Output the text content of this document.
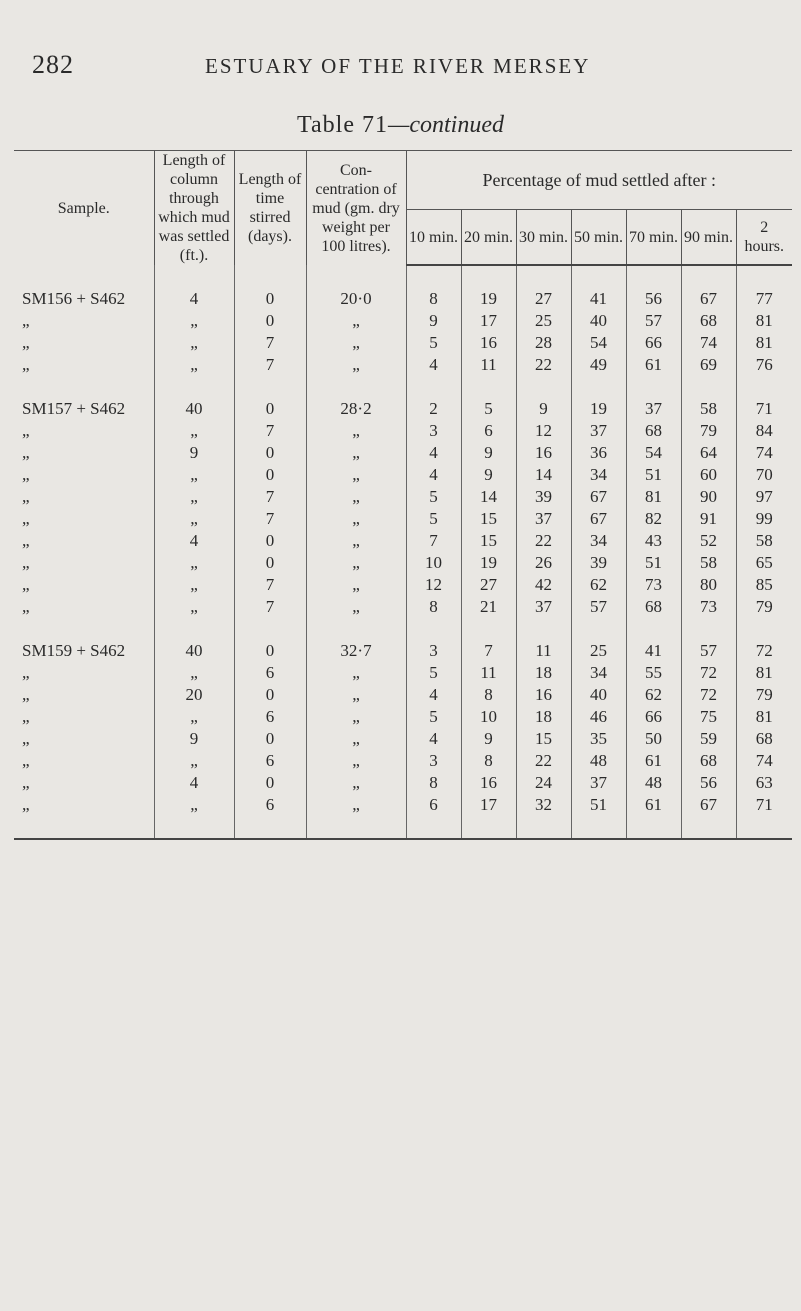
282	ESTUARY OF THE RIVER MERSEY
Table 71—continued
Sample.	Length of column through which mud was settled (ft.).	Length of time stirred (days).	Con-centration of mud (gm. dry weight per 100 litres).	Percentage of mud settled after :						
				10 min.	20 min.	30 min.	50 min.	70 min.	90 min.	2 hours.

SM156 + S462	4	0	20·0	8	19	27	41	56	67	77
„	„	0	„	9	17	25	40	57	68	81
„	„	7	„	5	16	28	54	66	74	81
„	„	7	„	4	11	22	49	61	69	76

SM157 + S462	40	0	28·2	2	5	9	19	37	58	71
„	„	7	„	3	6	12	37	68	79	84
„	9	0	„	4	9	16	36	54	64	74
„	„	0	„	4	9	14	34	51	60	70
„	„	7	„	5	14	39	67	81	90	97
„	„	7	„	5	15	37	67	82	91	99
„	4	0	„	7	15	22	34	43	52	58
„	„	0	„	10	19	26	39	51	58	65
„	„	7	„	12	27	42	62	73	80	85
„	„	7	„	8	21	37	57	68	73	79

SM159 + S462	40	0	32·7	3	7	11	25	41	57	72
„	„	6	„	5	11	18	34	55	72	81
„	20	0	„	4	8	16	40	62	72	79
„	„	6	„	5	10	18	46	66	75	81
„	9	0	„	4	9	15	35	50	59	68
„	„	6	„	3	8	22	48	61	68	74
„	4	0	„	8	16	24	37	48	56	63
„	„	6	„	6	17	32	51	61	67	71
